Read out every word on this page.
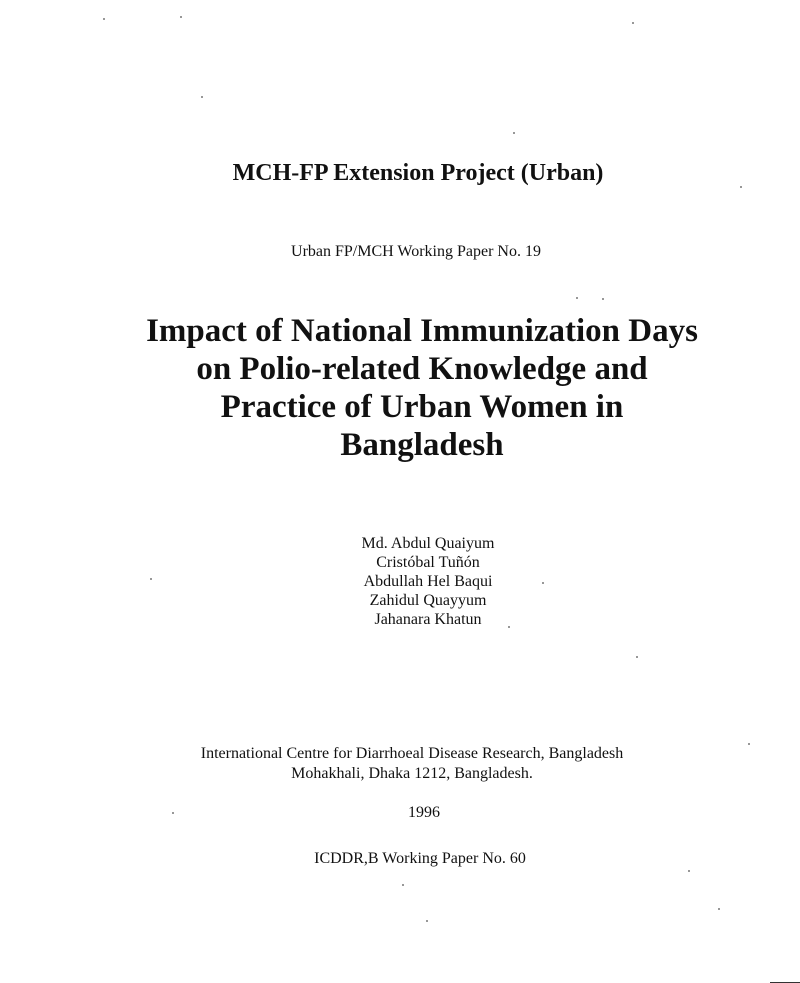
MCH-FP Extension Project (Urban)
Urban FP/MCH Working Paper No. 19
Impact of National Immunization Days
on Polio-related Knowledge and
Practice of Urban Women in
Bangladesh
Md. Abdul Quaiyum
Cristóbal Tuñón
Abdullah Hel Baqui
Zahidul Quayyum
Jahanara Khatun
International Centre for Diarrhoeal Disease Research, Bangladesh
Mohakhali, Dhaka 1212, Bangladesh.
1996
ICDDR,B Working Paper No. 60
